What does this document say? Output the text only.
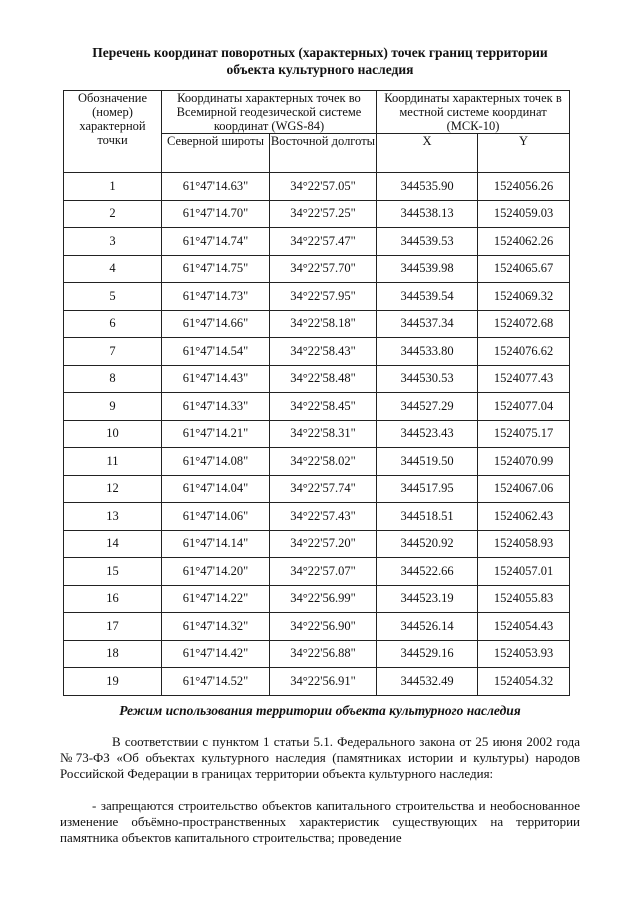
Перечень координат поворотных (характерных) точек границ территории
объекта культурного наследия
Обозначение (номер) характерной точки	Координаты характерных точек во Всемирной геодезической системе координат (WGS-84)		Координаты характерных точек в местной системе координат (МСК-10)	
	Северной широты	Восточной долготы	X	Y
1	61°47'14.63"	34°22'57.05"	344535.90	1524056.26
2	61°47'14.70"	34°22'57.25"	344538.13	1524059.03
3	61°47'14.74"	34°22'57.47"	344539.53	1524062.26
4	61°47'14.75"	34°22'57.70"	344539.98	1524065.67
5	61°47'14.73"	34°22'57.95"	344539.54	1524069.32
6	61°47'14.66"	34°22'58.18"	344537.34	1524072.68
7	61°47'14.54"	34°22'58.43"	344533.80	1524076.62
8	61°47'14.43"	34°22'58.48"	344530.53	1524077.43
9	61°47'14.33"	34°22'58.45"	344527.29	1524077.04
10	61°47'14.21"	34°22'58.31"	344523.43	1524075.17
11	61°47'14.08"	34°22'58.02"	344519.50	1524070.99
12	61°47'14.04"	34°22'57.74"	344517.95	1524067.06
13	61°47'14.06"	34°22'57.43"	344518.51	1524062.43
14	61°47'14.14"	34°22'57.20"	344520.92	1524058.93
15	61°47'14.20"	34°22'57.07"	344522.66	1524057.01
16	61°47'14.22"	34°22'56.99"	344523.19	1524055.83
17	61°47'14.32"	34°22'56.90"	344526.14	1524054.43
18	61°47'14.42"	34°22'56.88"	344529.16	1524053.93
19	61°47'14.52"	34°22'56.91"	344532.49	1524054.32
Режим использования территории объекта культурного наследия
В соответствии с пунктом 1 статьи 5.1. Федерального закона от 25 июня 2002 года №73-ФЗ «Об объектах культурного наследия (памятниках истории и культуры) народов Российской Федерации в границах территории объекта культурного наследия:
- запрещаются строительство объектов капитального строительства и необоснованное изменение объёмно-пространственных характеристик существующих на территории памятника объектов капитального строительства; проведение
